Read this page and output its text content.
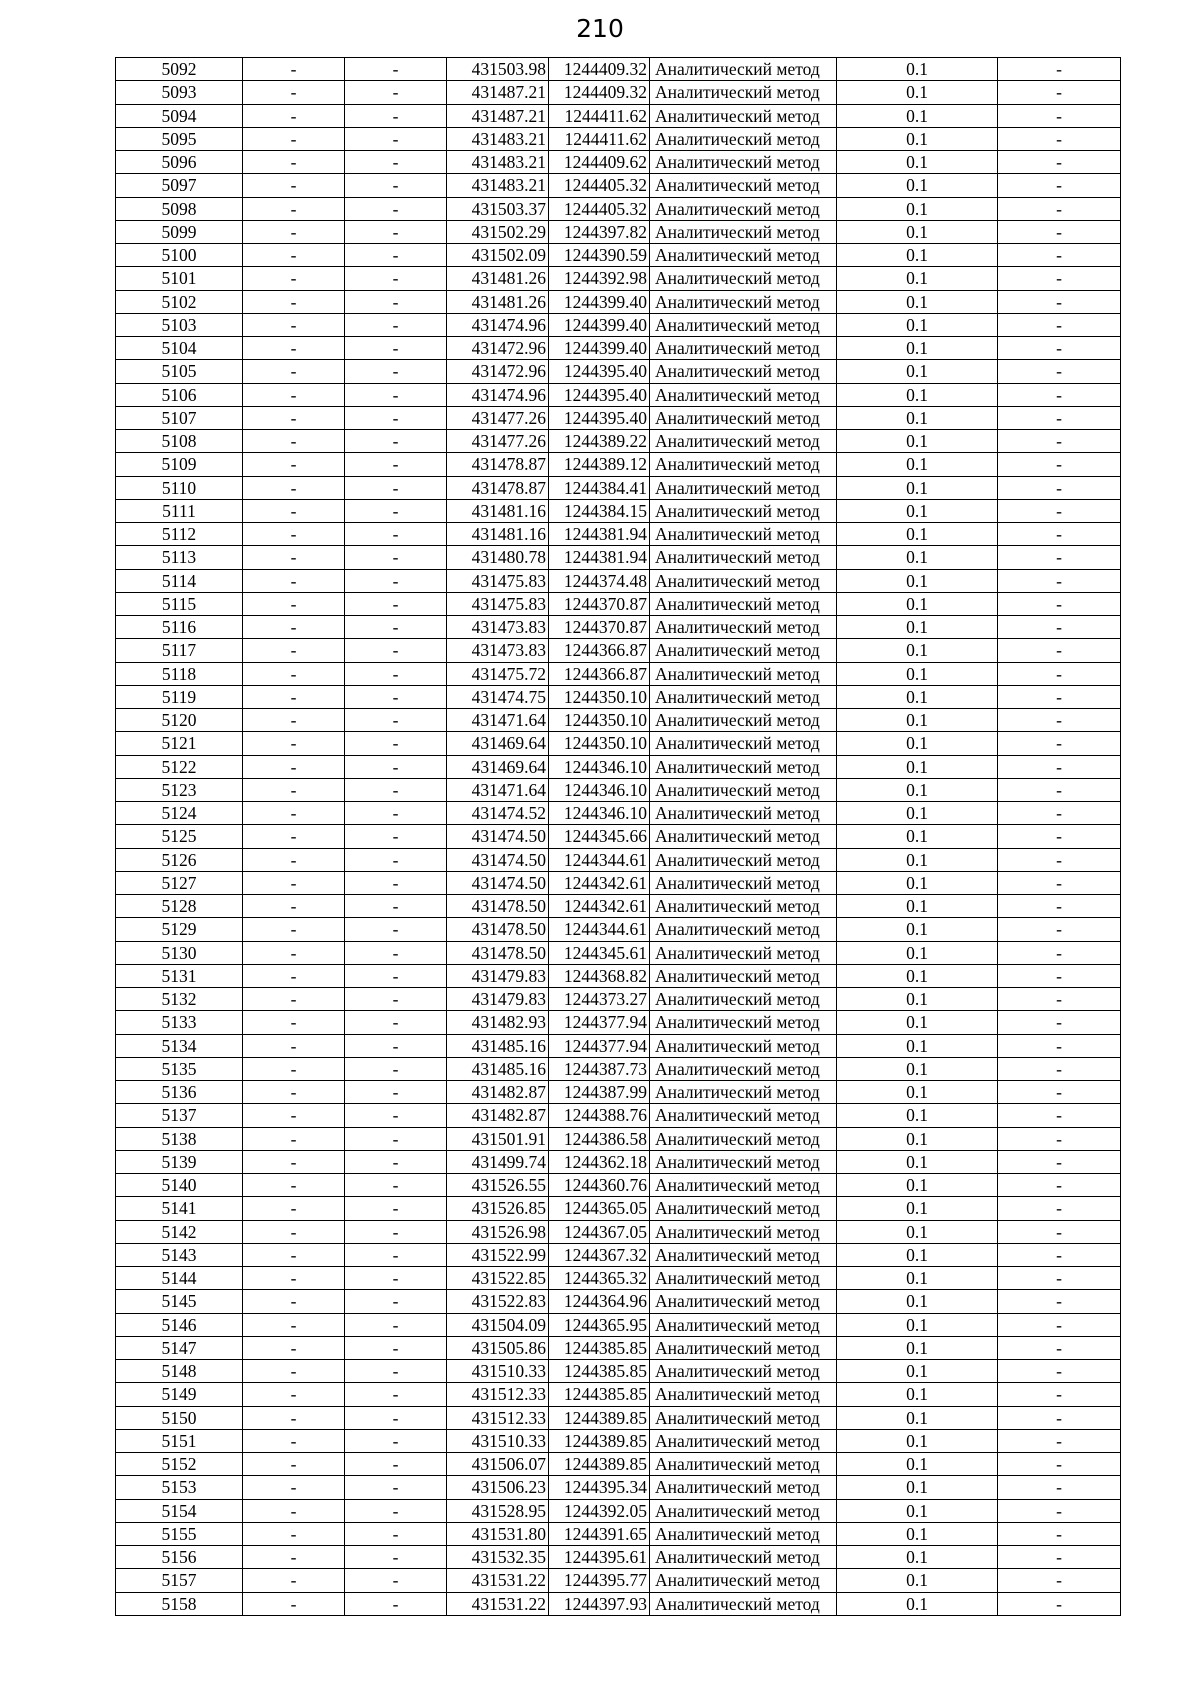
210
5092	-	-	431503.98	1244409.32	Аналитический метод	0.1	-
5093	-	-	431487.21	1244409.32	Аналитический метод	0.1	-
5094	-	-	431487.21	1244411.62	Аналитический метод	0.1	-
5095	-	-	431483.21	1244411.62	Аналитический метод	0.1	-
5096	-	-	431483.21	1244409.62	Аналитический метод	0.1	-
5097	-	-	431483.21	1244405.32	Аналитический метод	0.1	-
5098	-	-	431503.37	1244405.32	Аналитический метод	0.1	-
5099	-	-	431502.29	1244397.82	Аналитический метод	0.1	-
5100	-	-	431502.09	1244390.59	Аналитический метод	0.1	-
5101	-	-	431481.26	1244392.98	Аналитический метод	0.1	-
5102	-	-	431481.26	1244399.40	Аналитический метод	0.1	-
5103	-	-	431474.96	1244399.40	Аналитический метод	0.1	-
5104	-	-	431472.96	1244399.40	Аналитический метод	0.1	-
5105	-	-	431472.96	1244395.40	Аналитический метод	0.1	-
5106	-	-	431474.96	1244395.40	Аналитический метод	0.1	-
5107	-	-	431477.26	1244395.40	Аналитический метод	0.1	-
5108	-	-	431477.26	1244389.22	Аналитический метод	0.1	-
5109	-	-	431478.87	1244389.12	Аналитический метод	0.1	-
5110	-	-	431478.87	1244384.41	Аналитический метод	0.1	-
5111	-	-	431481.16	1244384.15	Аналитический метод	0.1	-
5112	-	-	431481.16	1244381.94	Аналитический метод	0.1	-
5113	-	-	431480.78	1244381.94	Аналитический метод	0.1	-
5114	-	-	431475.83	1244374.48	Аналитический метод	0.1	-
5115	-	-	431475.83	1244370.87	Аналитический метод	0.1	-
5116	-	-	431473.83	1244370.87	Аналитический метод	0.1	-
5117	-	-	431473.83	1244366.87	Аналитический метод	0.1	-
5118	-	-	431475.72	1244366.87	Аналитический метод	0.1	-
5119	-	-	431474.75	1244350.10	Аналитический метод	0.1	-
5120	-	-	431471.64	1244350.10	Аналитический метод	0.1	-
5121	-	-	431469.64	1244350.10	Аналитический метод	0.1	-
5122	-	-	431469.64	1244346.10	Аналитический метод	0.1	-
5123	-	-	431471.64	1244346.10	Аналитический метод	0.1	-
5124	-	-	431474.52	1244346.10	Аналитический метод	0.1	-
5125	-	-	431474.50	1244345.66	Аналитический метод	0.1	-
5126	-	-	431474.50	1244344.61	Аналитический метод	0.1	-
5127	-	-	431474.50	1244342.61	Аналитический метод	0.1	-
5128	-	-	431478.50	1244342.61	Аналитический метод	0.1	-
5129	-	-	431478.50	1244344.61	Аналитический метод	0.1	-
5130	-	-	431478.50	1244345.61	Аналитический метод	0.1	-
5131	-	-	431479.83	1244368.82	Аналитический метод	0.1	-
5132	-	-	431479.83	1244373.27	Аналитический метод	0.1	-
5133	-	-	431482.93	1244377.94	Аналитический метод	0.1	-
5134	-	-	431485.16	1244377.94	Аналитический метод	0.1	-
5135	-	-	431485.16	1244387.73	Аналитический метод	0.1	-
5136	-	-	431482.87	1244387.99	Аналитический метод	0.1	-
5137	-	-	431482.87	1244388.76	Аналитический метод	0.1	-
5138	-	-	431501.91	1244386.58	Аналитический метод	0.1	-
5139	-	-	431499.74	1244362.18	Аналитический метод	0.1	-
5140	-	-	431526.55	1244360.76	Аналитический метод	0.1	-
5141	-	-	431526.85	1244365.05	Аналитический метод	0.1	-
5142	-	-	431526.98	1244367.05	Аналитический метод	0.1	-
5143	-	-	431522.99	1244367.32	Аналитический метод	0.1	-
5144	-	-	431522.85	1244365.32	Аналитический метод	0.1	-
5145	-	-	431522.83	1244364.96	Аналитический метод	0.1	-
5146	-	-	431504.09	1244365.95	Аналитический метод	0.1	-
5147	-	-	431505.86	1244385.85	Аналитический метод	0.1	-
5148	-	-	431510.33	1244385.85	Аналитический метод	0.1	-
5149	-	-	431512.33	1244385.85	Аналитический метод	0.1	-
5150	-	-	431512.33	1244389.85	Аналитический метод	0.1	-
5151	-	-	431510.33	1244389.85	Аналитический метод	0.1	-
5152	-	-	431506.07	1244389.85	Аналитический метод	0.1	-
5153	-	-	431506.23	1244395.34	Аналитический метод	0.1	-
5154	-	-	431528.95	1244392.05	Аналитический метод	0.1	-
5155	-	-	431531.80	1244391.65	Аналитический метод	0.1	-
5156	-	-	431532.35	1244395.61	Аналитический метод	0.1	-
5157	-	-	431531.22	1244395.77	Аналитический метод	0.1	-
5158	-	-	431531.22	1244397.93	Аналитический метод	0.1	-
